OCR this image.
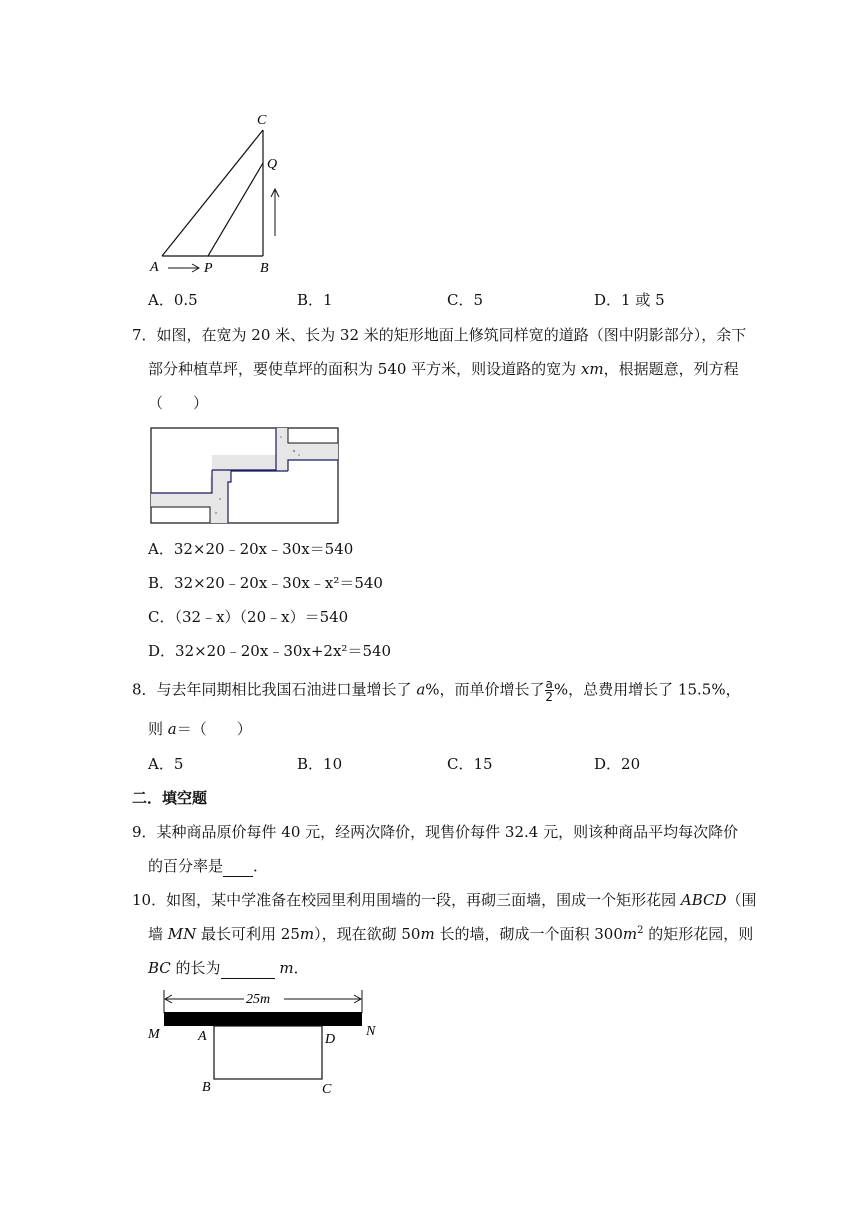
C
Q
A	P	B
A．0.5	B．1	C．5	D．1 或 5
7．如图，在宽为 20 米、长为 32 米的矩形地面上修筑同样宽的道路（图中阴影部分），余下
部分种植草坪，要使草坪的面积为 540 平方米，则设道路的宽为 xm，根据题意，列方程
（　　）
A．32×20﹣20x﹣30x＝540
B．32×20﹣20x﹣30x﹣x²＝540
C．（32﹣x）（20﹣x）＝540
D．32×20﹣20x﹣30x+2x²＝540
8．与去年同期相比我国石油进口量增长了 a%，而单价增长了 $\frac{a}{2}$ %，总费用增长了 15.5%，
则 a＝（　　）
A．5	B．10	C．15	D．20
二．填空题
9．某种商品原价每件 40 元，经两次降价，现售价每件 32.4 元，则该种商品平均每次降价
的百分率是 ．
10．如图，某中学准备在校园里利用围墙的一段，再砌三面墙，围成一个矩形花园 ABCD（围
墙 MN 最长可利用 25m），现在欲砌 50m 长的墙，砌成一个面积 $300m^2$ 的矩形花园，则
BC 的长为	m．
25m
M	N
A	D
B	C
